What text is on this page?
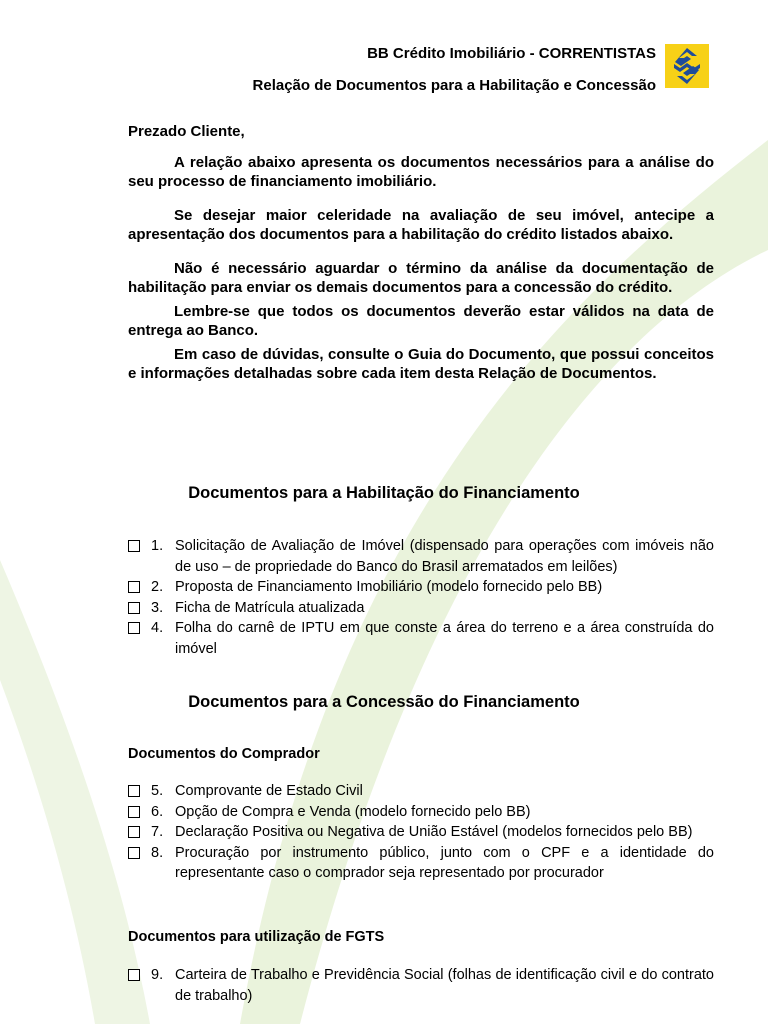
BB Crédito Imobiliário - CORRENTISTAS
Relação de Documentos para a Habilitação e Concessão

Prezado Cliente,

A relação abaixo apresenta os documentos necessários para a análise do seu processo de financiamento imobiliário.

Se desejar maior celeridade na avaliação de seu imóvel, antecipe a apresentação dos documentos para a habilitação do crédito listados abaixo.

Não é necessário aguardar o término da análise da documentação de habilitação para enviar os demais documentos para a concessão do crédito.

Lembre-se que todos os documentos deverão estar válidos na data de entrega ao Banco.

Em caso de dúvidas, consulte o Guia do Documento, que possui conceitos e informações detalhadas sobre cada item desta Relação de Documentos.

Documentos para a Habilitação do Financiamento
1. Solicitação de Avaliação de Imóvel (dispensado para operações com imóveis não de uso – de propriedade do Banco do Brasil arrematados em leilões)
2. Proposta de Financiamento Imobiliário (modelo fornecido pelo BB)
3. Ficha de Matrícula atualizada
4. Folha do carnê de IPTU em que conste a área do terreno e a área construída do imóvel
Documentos para a Concessão do Financiamento
Documentos do Comprador
5. Comprovante de Estado Civil
6. Opção de Compra e Venda (modelo fornecido pelo BB)
7. Declaração Positiva ou Negativa de União Estável (modelos fornecidos pelo BB)
8. Procuração por instrumento público, junto com o CPF e a identidade do representante caso o comprador seja representado por procurador
Documentos para utilização de FGTS
9. Carteira de Trabalho e Previdência Social (folhas de identificação civil e do contrato de trabalho)
